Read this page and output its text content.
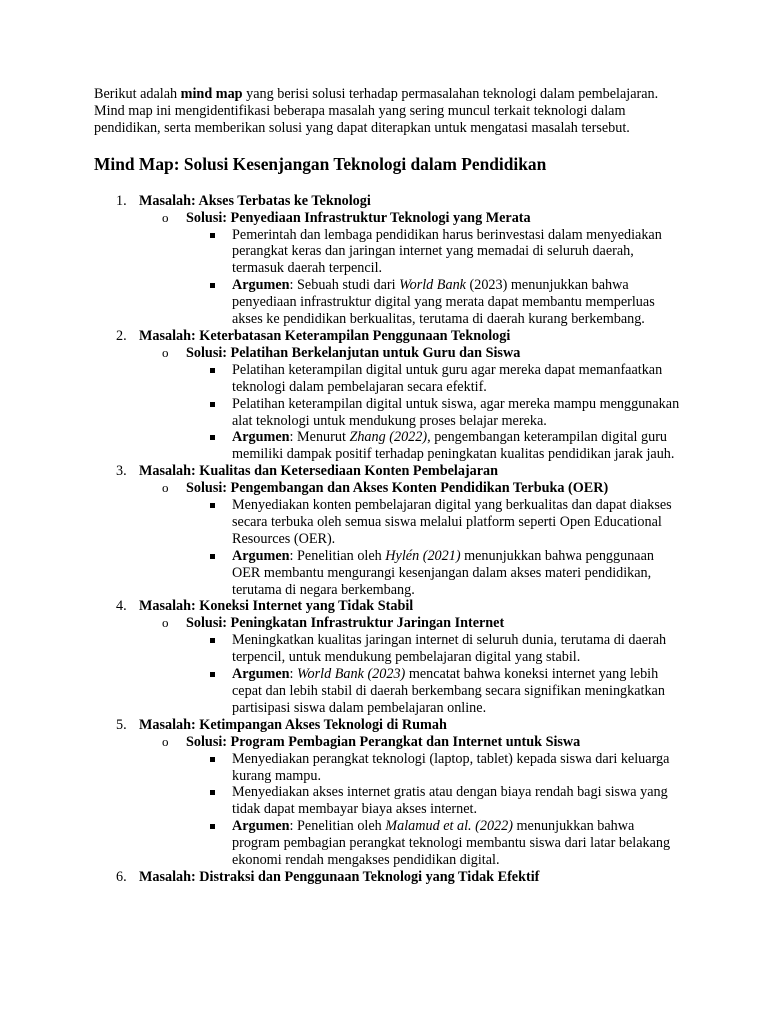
Berikut adalah mind map yang berisi solusi terhadap permasalahan teknologi dalam pembelajaran. Mind map ini mengidentifikasi beberapa masalah yang sering muncul terkait teknologi dalam pendidikan, serta memberikan solusi yang dapat diterapkan untuk mengatasi masalah tersebut.

Mind Map: Solusi Kesenjangan Teknologi dalam Pendidikan
1. Masalah: Akses Terbatas ke Teknologi
o Solusi: Penyediaan Infrastruktur Teknologi yang Merata
Pemerintah dan lembaga pendidikan harus berinvestasi dalam menyediakan perangkat keras dan jaringan internet yang memadai di seluruh daerah, termasuk daerah terpencil.
Argumen: Sebuah studi dari World Bank (2023) menunjukkan bahwa penyediaan infrastruktur digital yang merata dapat membantu memperluas akses ke pendidikan berkualitas, terutama di daerah kurang berkembang.
2. Masalah: Keterbatasan Keterampilan Penggunaan Teknologi
o Solusi: Pelatihan Berkelanjutan untuk Guru dan Siswa
Pelatihan keterampilan digital untuk guru agar mereka dapat memanfaatkan teknologi dalam pembelajaran secara efektif.
Pelatihan keterampilan digital untuk siswa, agar mereka mampu menggunakan alat teknologi untuk mendukung proses belajar mereka.
Argumen: Menurut Zhang (2022), pengembangan keterampilan digital guru memiliki dampak positif terhadap peningkatan kualitas pendidikan jarak jauh.
3. Masalah: Kualitas dan Ketersediaan Konten Pembelajaran
o Solusi: Pengembangan dan Akses Konten Pendidikan Terbuka (OER)
Menyediakan konten pembelajaran digital yang berkualitas dan dapat diakses secara terbuka oleh semua siswa melalui platform seperti Open Educational Resources (OER).
Argumen: Penelitian oleh Hylén (2021) menunjukkan bahwa penggunaan OER membantu mengurangi kesenjangan dalam akses materi pendidikan, terutama di negara berkembang.
4. Masalah: Koneksi Internet yang Tidak Stabil
o Solusi: Peningkatan Infrastruktur Jaringan Internet
Meningkatkan kualitas jaringan internet di seluruh dunia, terutama di daerah terpencil, untuk mendukung pembelajaran digital yang stabil.
Argumen: World Bank (2023) mencatat bahwa koneksi internet yang lebih cepat dan lebih stabil di daerah berkembang secara signifikan meningkatkan partisipasi siswa dalam pembelajaran online.
5. Masalah: Ketimpangan Akses Teknologi di Rumah
o Solusi: Program Pembagian Perangkat dan Internet untuk Siswa
Menyediakan perangkat teknologi (laptop, tablet) kepada siswa dari keluarga kurang mampu.
Menyediakan akses internet gratis atau dengan biaya rendah bagi siswa yang tidak dapat membayar biaya akses internet.
Argumen: Penelitian oleh Malamud et al. (2022) menunjukkan bahwa program pembagian perangkat teknologi membantu siswa dari latar belakang ekonomi rendah mengakses pendidikan digital.
6. Masalah: Distraksi dan Penggunaan Teknologi yang Tidak Efektif
